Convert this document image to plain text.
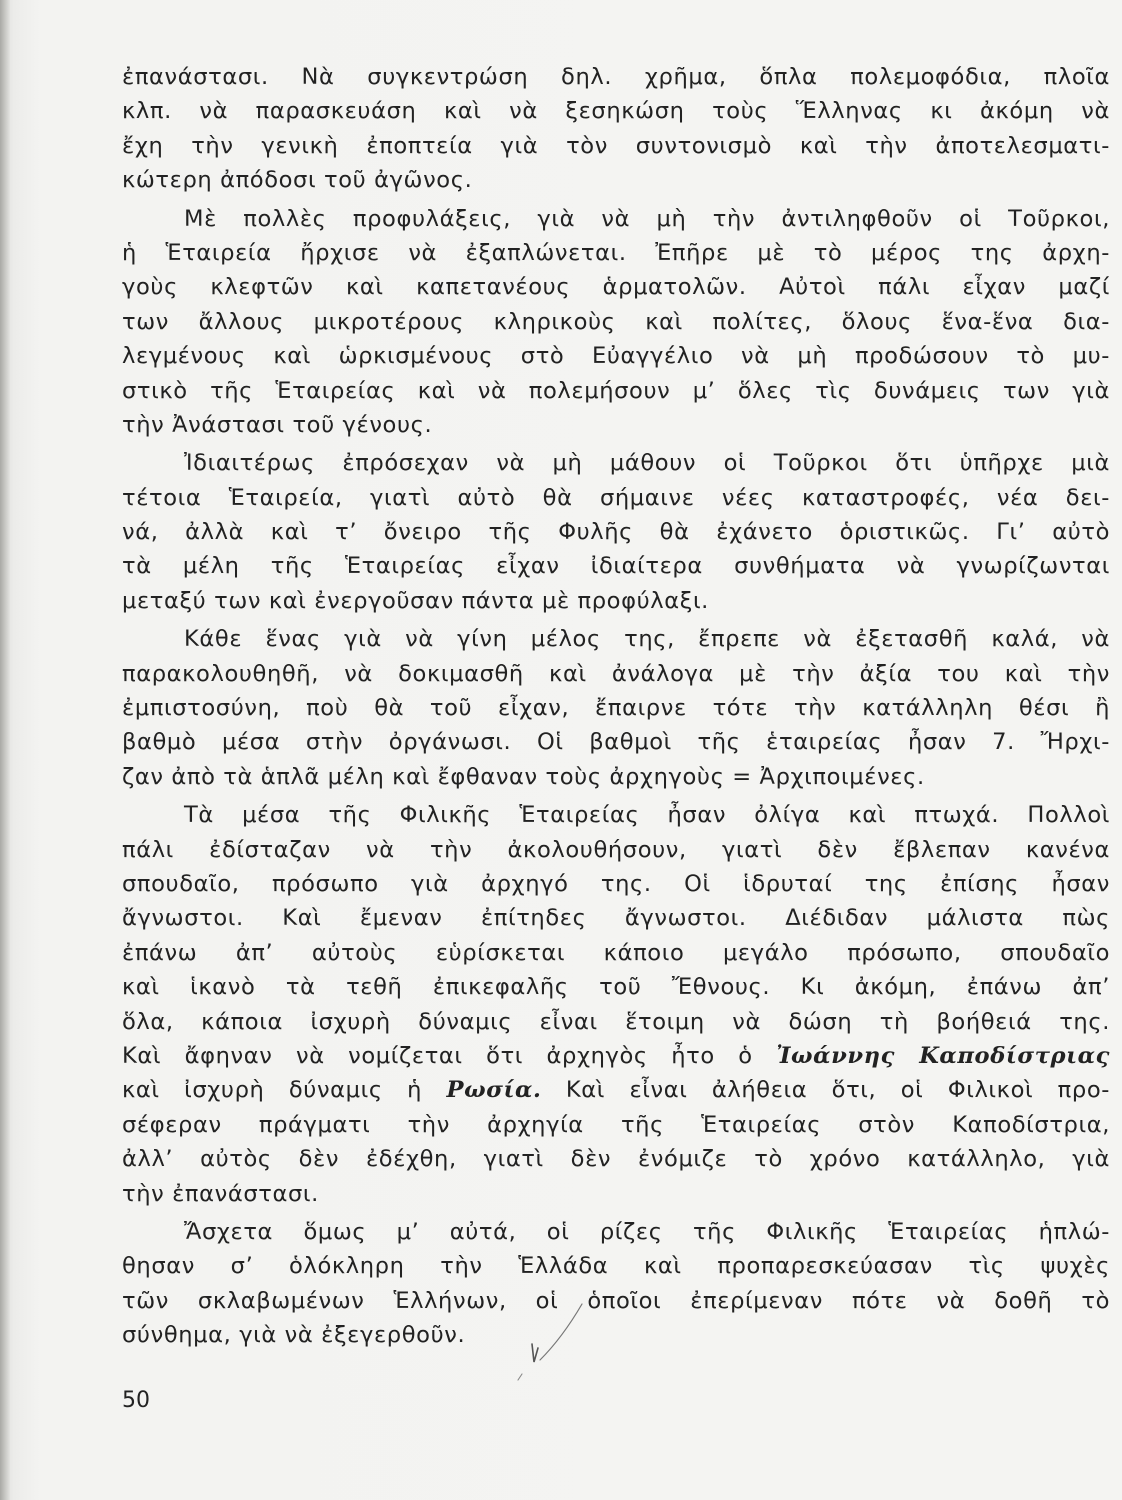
ἐπανάστασι. Νὰ συγκεντρώση δηλ. χρῆμα, ὅπλα πολεμοφόδια, πλοῖα
κλπ. νὰ παρασκευάση καὶ νὰ ξεσηκώση τοὺς Ἕλληνας κι ἀκόμη νὰ
ἔχη τὴν γενικὴ ἐποπτεία γιὰ τὸν συντονισμὸ καὶ τὴν ἀποτελεσματι-
κώτερη ἀπόδοσι τοῦ ἀγῶνος.
Μὲ πολλὲς προφυλάξεις, γιὰ νὰ μὴ τὴν ἀντιληφθοῦν οἱ Τοῦρκοι,
ἡ Ἑταιρεία ἤρχισε νὰ ἐξαπλώνεται. Ἐπῆρε μὲ τὸ μέρος της ἀρχη-
γοὺς κλεφτῶν καὶ καπετανέους ἁρματολῶν. Αὐτοὶ πάλι εἶχαν μαζί
των ἄλλους μικροτέρους κληρικοὺς καὶ πολίτες, ὅλους ἕνα-ἕνα δια-
λεγμένους καὶ ὡρκισμένους στὸ Εὐαγγέλιο νὰ μὴ προδώσουν τὸ μυ-
στικὸ τῆς Ἑταιρείας καὶ νὰ πολεμήσουν μ’ ὅλες τὶς δυνάμεις των γιὰ
τὴν Ἀνάστασι τοῦ γένους.
Ἰδιαιτέρως ἐπρόσεχαν νὰ μὴ μάθουν οἱ Τοῦρκοι ὅτι ὑπῆρχε μιὰ
τέτοια Ἑταιρεία, γιατὶ αὐτὸ θὰ σήμαινε νέες καταστροφές, νέα δει-
νά, ἀλλὰ καὶ τ’ ὄνειρο τῆς Φυλῆς θὰ ἐχάνετο ὁριστικῶς. Γι’ αὐτὸ
τὰ μέλη τῆς Ἑταιρείας εἶχαν ἰδιαίτερα συνθήματα νὰ γνωρίζωνται
μεταξύ των καὶ ἐνεργοῦσαν πάντα μὲ προφύλαξι.
Κάθε ἕνας γιὰ νὰ γίνη μέλος της, ἔπρεπε νὰ ἐξετασθῆ καλά, νὰ
παρακολουθηθῆ, νὰ δοκιμασθῆ καὶ ἀνάλογα μὲ τὴν ἀξία του καὶ τὴν
ἐμπιστοσύνη, ποὺ θὰ τοῦ εἶχαν, ἔπαιρνε τότε τὴν κατάλληλη θέσι ἢ
βαθμὸ μέσα στὴν ὀργάνωσι. Οἱ βαθμοὶ τῆς ἑταιρείας ἦσαν 7. Ἤρχι-
ζαν ἀπὸ τὰ ἁπλᾶ μέλη καὶ ἔφθαναν τοὺς ἀρχηγοὺς = Ἀρχιποιμένες.
Τὰ μέσα τῆς Φιλικῆς Ἑταιρείας ἦσαν ὀλίγα καὶ πτωχά. Πολλοὶ
πάλι ἐδίσταζαν νὰ τὴν ἀκολουθήσουν, γιατὶ δὲν ἔβλεπαν κανένα
σπουδαῖο, πρόσωπο γιὰ ἀρχηγό της. Οἱ ἱδρυταί της ἐπίσης ἦσαν
ἄγνωστοι. Καὶ ἔμεναν ἐπίτηδες ἄγνωστοι. Διέδιδαν μάλιστα πὼς
ἐπάνω ἀπ’ αὐτοὺς εὑρίσκεται κάποιο μεγάλο πρόσωπο, σπουδαῖο
καὶ ἱκανὸ τὰ τεθῆ ἐπικεφαλῆς τοῦ Ἔθνους. Κι ἀκόμη, ἐπάνω ἀπ’
ὅλα, κάποια ἰσχυρὴ δύναμις εἶναι ἕτοιμη νὰ δώση τὴ βοήθειά της.
Καὶ ἄφηναν νὰ νομίζεται ὅτι ἀρχηγὸς ἦτο ὁ Ἰωάννης Καποδίστριας
καὶ ἰσχυρὴ δύναμις ἡ Ρωσία. Καὶ εἶναι ἀλήθεια ὅτι, οἱ Φιλικοὶ προ-
σέφεραν πράγματι τὴν ἀρχηγία τῆς Ἑταιρείας στὸν Καποδίστρια,
ἀλλ’ αὐτὸς δὲν ἐδέχθη, γιατὶ δὲν ἐνόμιζε τὸ χρόνο κατάλληλο, γιὰ
τὴν ἐπανάστασι.
Ἄσχετα ὅμως μ’ αὐτά, οἱ ρίζες τῆς Φιλικῆς Ἑταιρείας ἡπλώ-
θησαν σ’ ὁλόκληρη τὴν Ἑλλάδα καὶ προπαρεσκεύασαν τὶς ψυχὲς
τῶν σκλαβωμένων Ἑλλήνων, οἱ ὁποῖοι ἐπερίμεναν πότε νὰ δοθῆ τὸ
σύνθημα, γιὰ νὰ ἐξεγερθοῦν.
50
